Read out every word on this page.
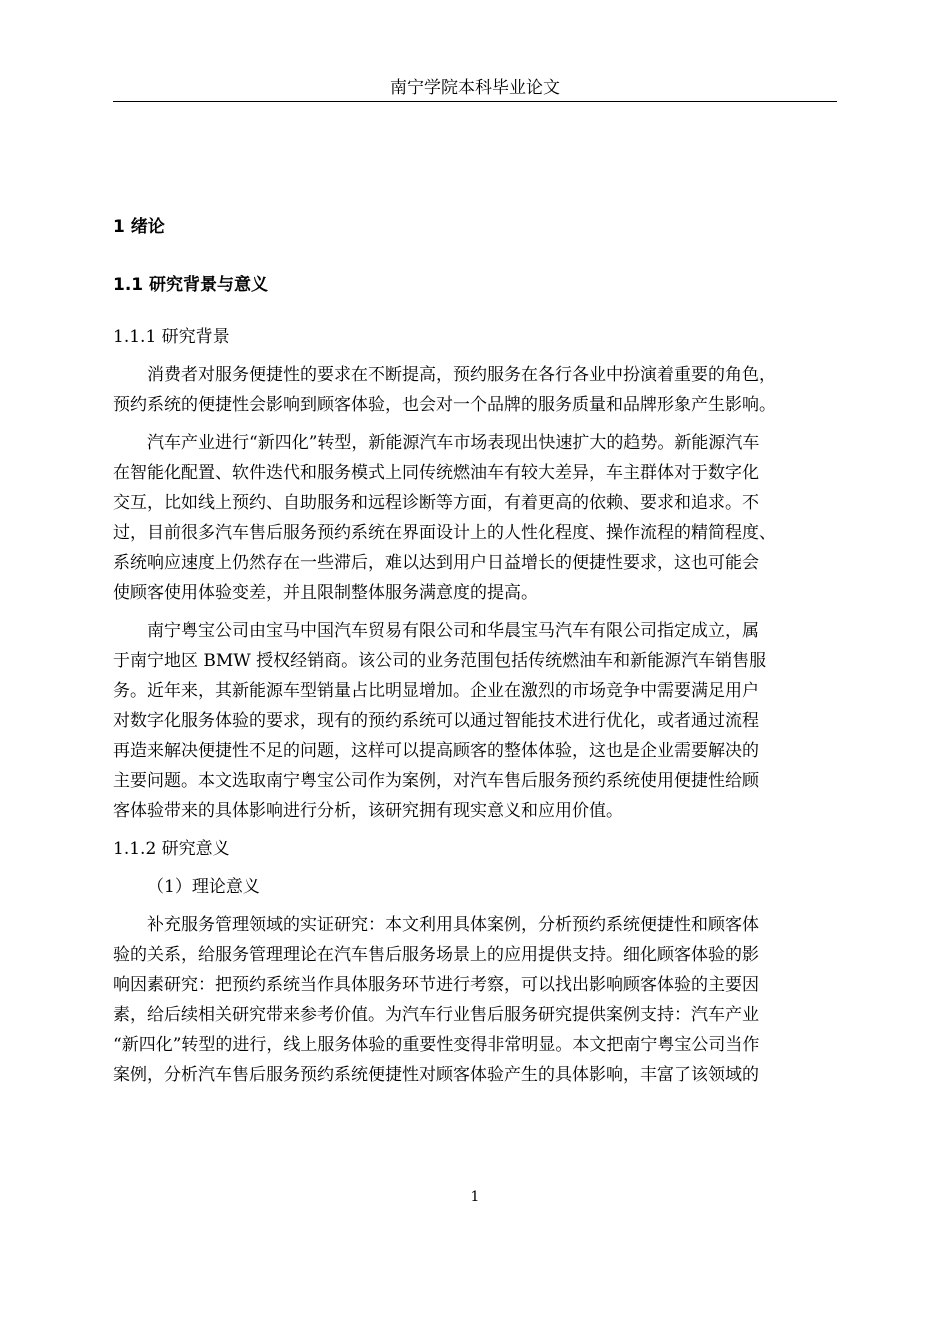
南宁学院本科毕业论文
1 绪论
1.1 研究背景与意义
1.1.1 研究背景
消费者对服务便捷性的要求在不断提高，预约服务在各行各业中扮演着重要的角色，
预约系统的便捷性会影响到顾客体验，也会对一个品牌的服务质量和品牌形象产生影响。
汽车产业进行“新四化”转型，新能源汽车市场表现出快速扩大的趋势。新能源汽车
在智能化配置、软件迭代和服务模式上同传统燃油车有较大差异，车主群体对于数字化
交互，比如线上预约、自助服务和远程诊断等方面，有着更高的依赖、要求和追求。不
过，目前很多汽车售后服务预约系统在界面设计上的人性化程度、操作流程的精简程度、
系统响应速度上仍然存在一些滞后，难以达到用户日益增长的便捷性要求，这也可能会
使顾客使用体验变差，并且限制整体服务满意度的提高。
南宁粤宝公司由宝马中国汽车贸易有限公司和华晨宝马汽车有限公司指定成立，属
于南宁地区 BMW 授权经销商。该公司的业务范围包括传统燃油车和新能源汽车销售服
务。近年来，其新能源车型销量占比明显增加。企业在激烈的市场竞争中需要满足用户
对数字化服务体验的要求，现有的预约系统可以通过智能技术进行优化，或者通过流程
再造来解决便捷性不足的问题，这样可以提高顾客的整体体验，这也是企业需要解决的
主要问题。本文选取南宁粤宝公司作为案例，对汽车售后服务预约系统使用便捷性给顾
客体验带来的具体影响进行分析，该研究拥有现实意义和应用价值。
1.1.2 研究意义
（1）理论意义
补充服务管理领域的实证研究：本文利用具体案例，分析预约系统便捷性和顾客体
验的关系，给服务管理理论在汽车售后服务场景上的应用提供支持。细化顾客体验的影
响因素研究：把预约系统当作具体服务环节进行考察，可以找出影响顾客体验的主要因
素，给后续相关研究带来参考价值。为汽车行业售后服务研究提供案例支持：汽车产业
“新四化”转型的进行，线上服务体验的重要性变得非常明显。本文把南宁粤宝公司当作
案例，分析汽车售后服务预约系统便捷性对顾客体验产生的具体影响，丰富了该领域的
1
